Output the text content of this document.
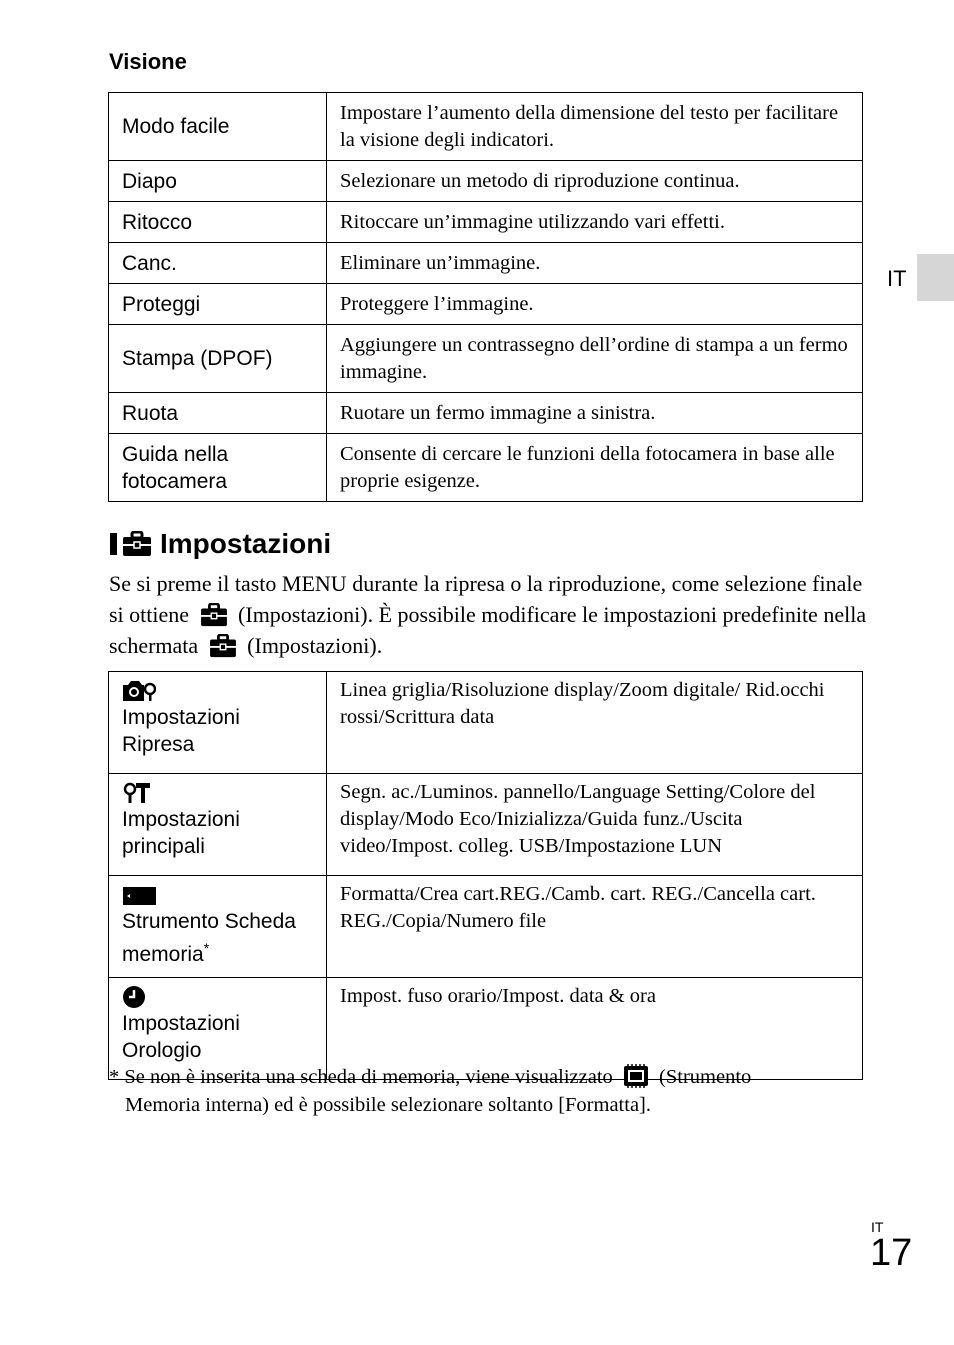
Visione
Modo facile	Impostare l’aumento della dimensione del testo per facilitare la visione degli indicatori.
Diapo	Selezionare un metodo di riproduzione continua.
Ritocco	Ritoccare un’immagine utilizzando vari effetti.
Canc.	Eliminare un’immagine.
Proteggi	Proteggere l’immagine.
Stampa (DPOF)	Aggiungere un contrassegno dell’ordine di stampa a un fermo immagine.
Ruota	Ruotare un fermo immagine a sinistra.
Guida nella fotocamera	Consente di cercare le funzioni della fotocamera in base alle proprie esigenze.
Impostazioni
Se si preme il tasto MENU durante la ripresa o la riproduzione, come selezione finale si ottiene (Impostazioni). È possibile modificare le impostazioni predefinite nella schermata (Impostazioni).
Impostazioni Ripresa	Linea griglia/Risoluzione display/Zoom digitale/ Rid.occhi rossi/Scrittura data

Impostazioni principali	Segn. ac./Luminos. pannello/Language Setting/Colore del display/Modo Eco/Inizializza/Guida funz./Uscita video/Impost. colleg. USB/Impostazione LUN

Strumento Scheda memoria*	Formatta/Crea cart.REG./Camb. cart. REG./Cancella cart. REG./Copia/Numero file

Impostazioni Orologio	Impost. fuso orario/Impost. data & ora
* Se non è inserita una scheda di memoria, viene visualizzato (Strumento
Memoria interna) ed è possibile selezionare soltanto [Formatta].
IT
IT
17
